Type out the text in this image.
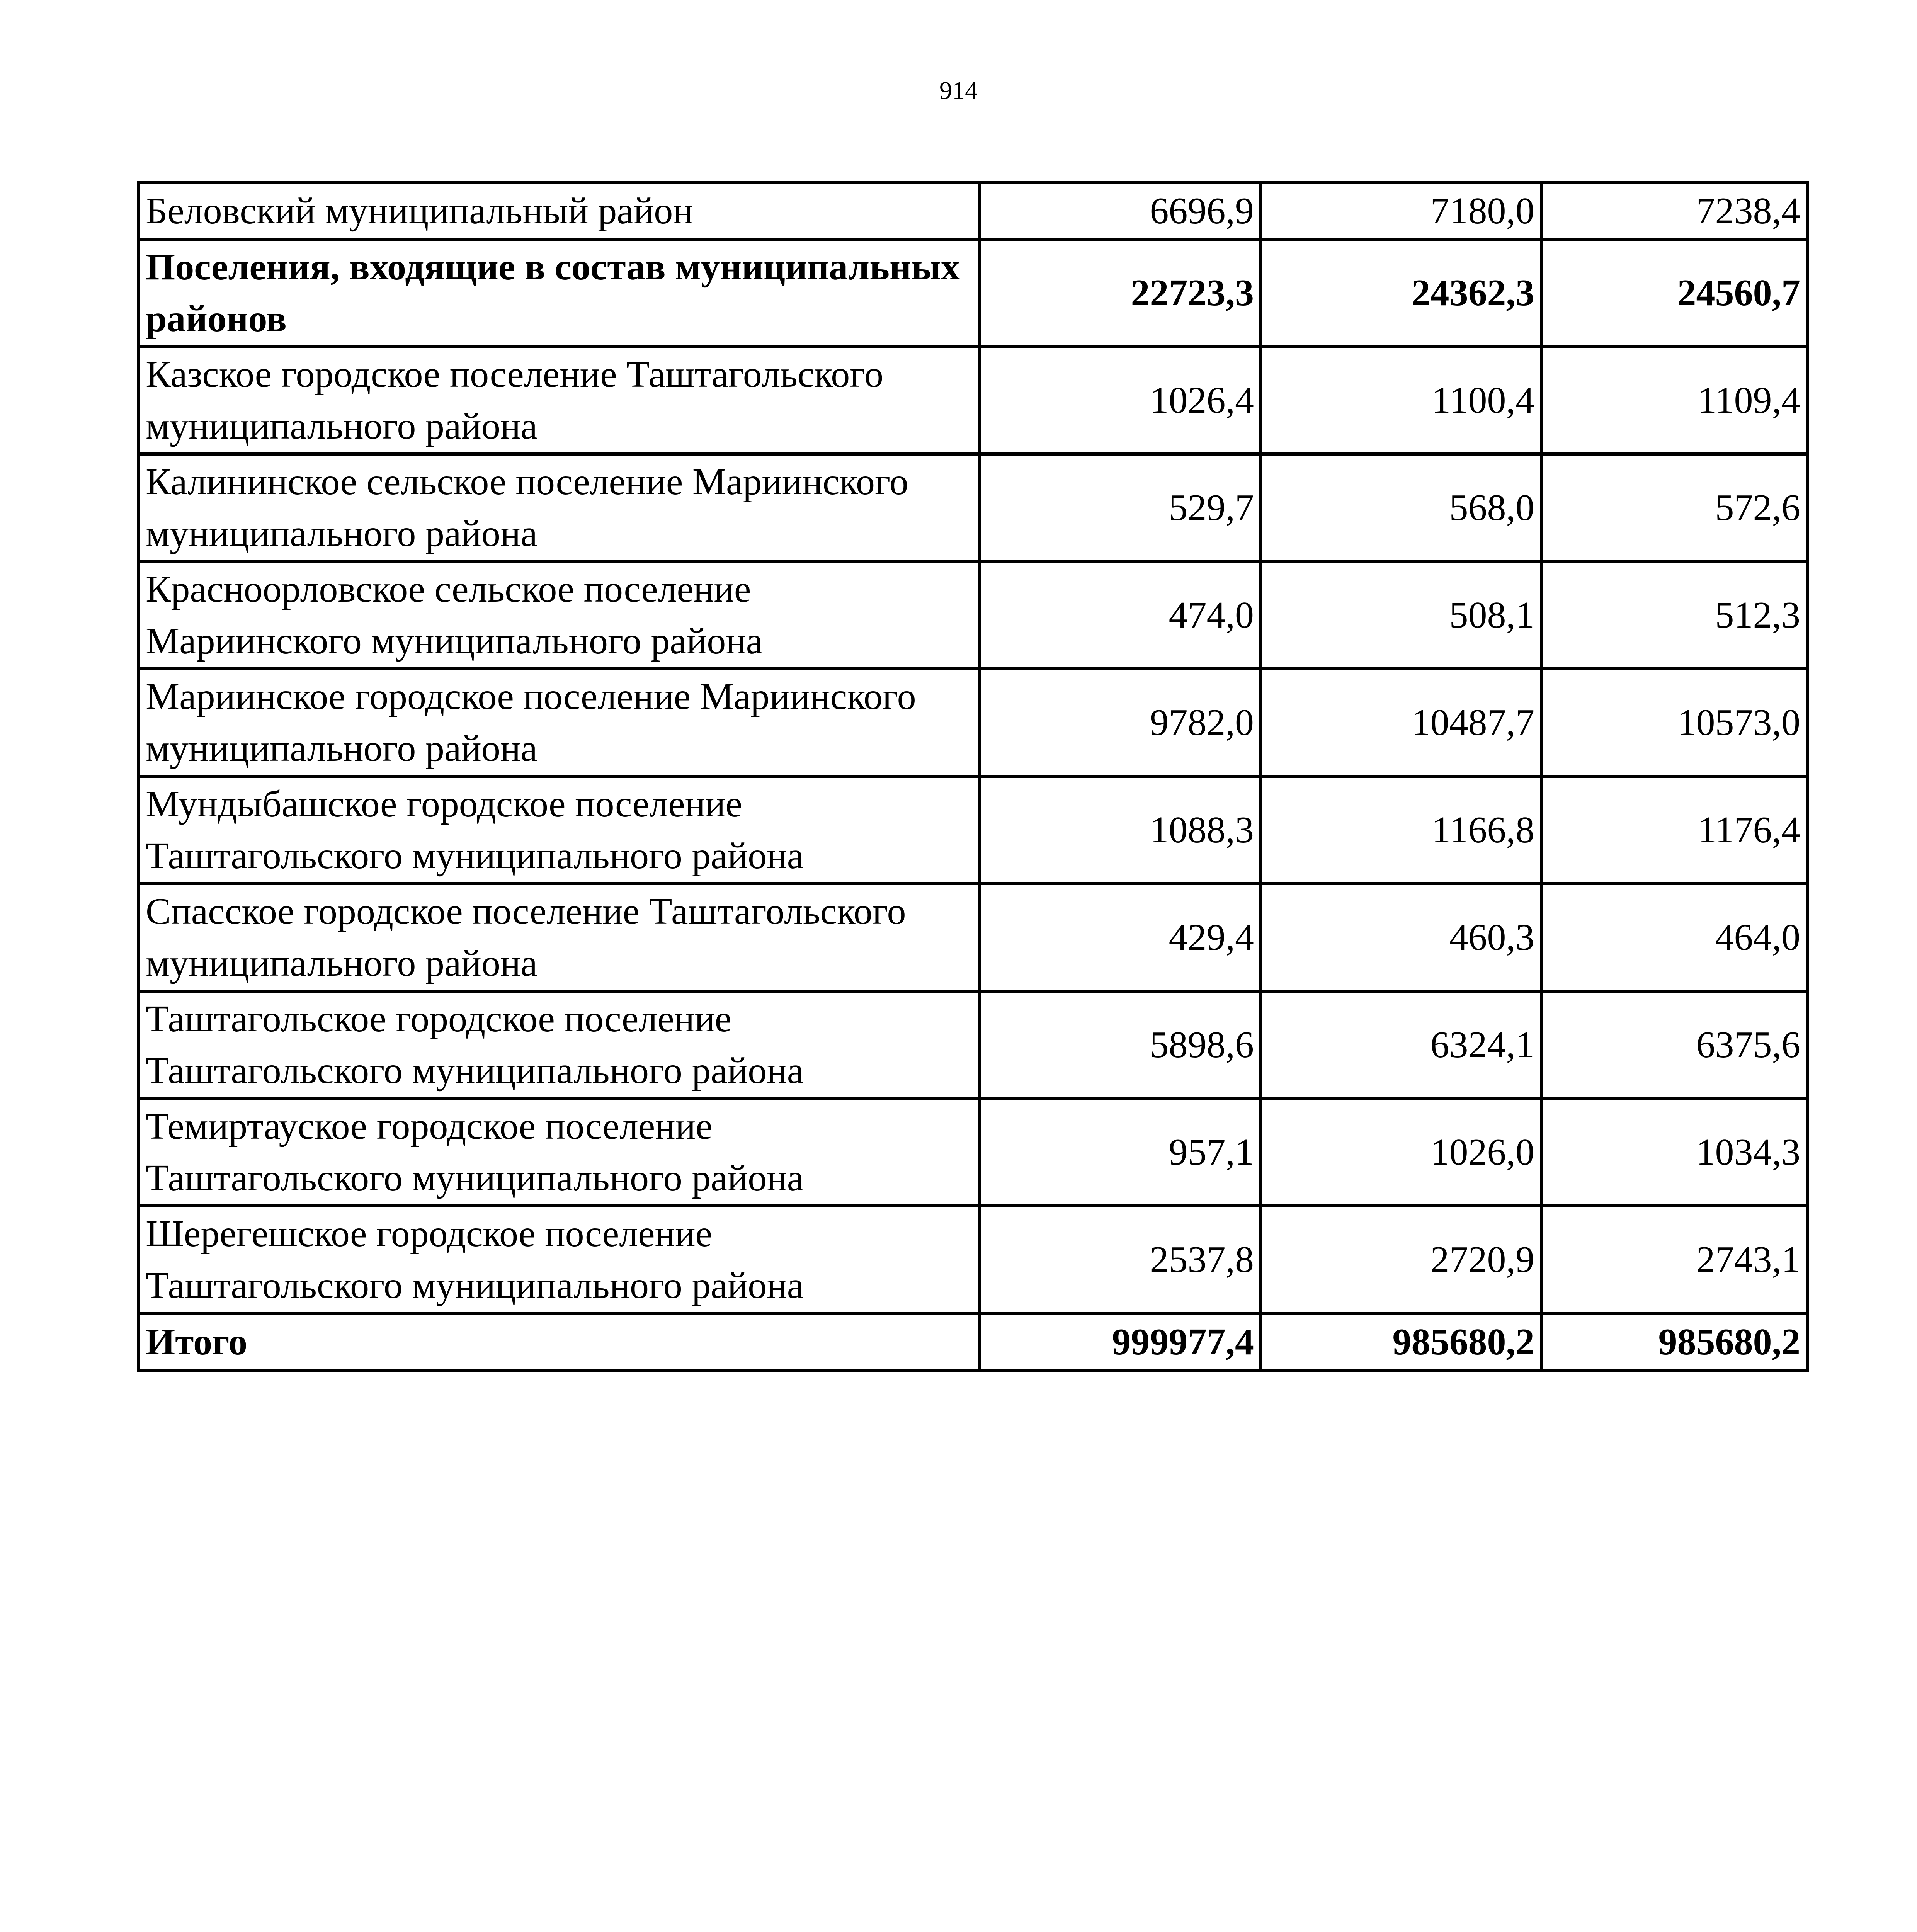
914
Беловский муниципальный район	6696,9	7180,0	7238,4
Поселения, входящие в состав муниципальных районов	22723,3	24362,3	24560,7
Казское городское поселение Таштагольского муниципального района	1026,4	1100,4	1109,4
Калининское сельское поселение Мариинского муниципального района	529,7	568,0	572,6
Красноорловское сельское поселение Мариинского муниципального района	474,0	508,1	512,3
Мариинское городское поселение Мариинского муниципального района	9782,0	10487,7	10573,0
Мундыбашское городское поселение Таштагольского муниципального района	1088,3	1166,8	1176,4
Спасское городское поселение Таштагольского муниципального района	429,4	460,3	464,0
Таштагольское городское поселение Таштагольского муниципального района	5898,6	6324,1	6375,6
Темиртауское городское поселение Таштагольского муниципального района	957,1	1026,0	1034,3
Шерегешское городское поселение Таштагольского муниципального района	2537,8	2720,9	2743,1
Итого	999977,4	985680,2	985680,2
